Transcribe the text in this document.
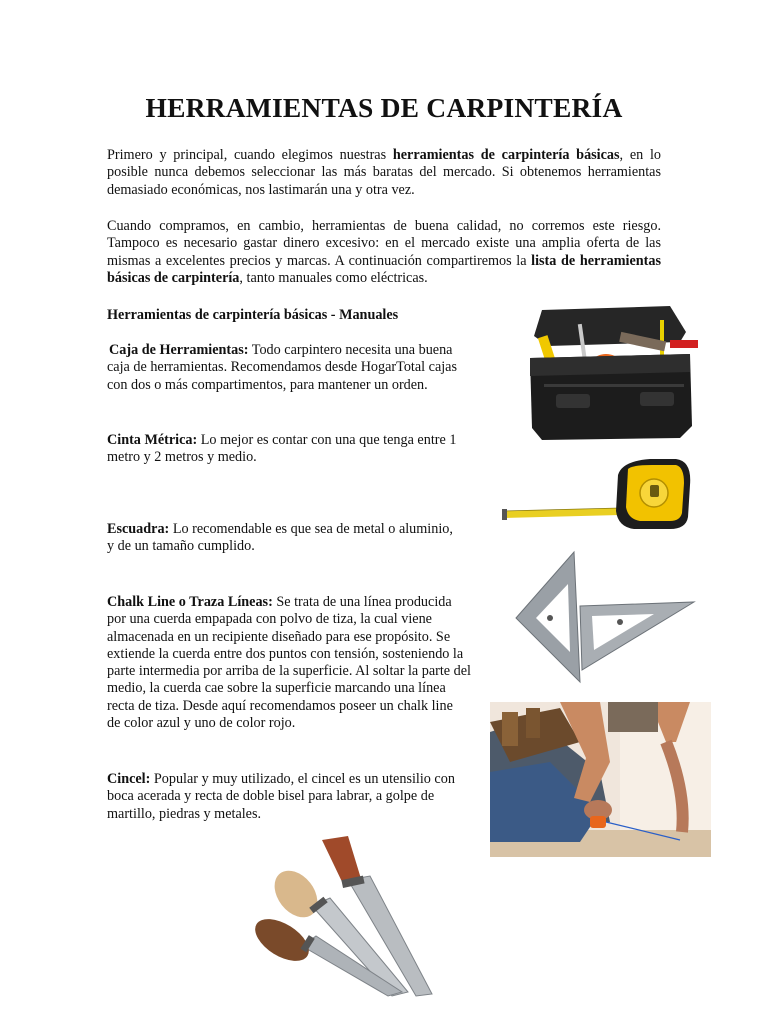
HERRAMIENTAS DE CARPINTERÍA

Primero y principal, cuando elegimos nuestras herramientas de carpintería básicas, en lo posible nunca debemos seleccionar las más baratas del mercado. Si obtenemos herramientas demasiado económicas, nos lastimarán una y otra vez.

Cuando compramos, en cambio, herramientas de buena calidad, no corremos este riesgo. Tampoco es necesario gastar dinero excesivo: en el mercado existe una amplia oferta de las mismas a excelentes precios y marcas. A continuación compartiremos la lista de herramientas básicas de carpintería, tanto manuales como eléctricas.

Herramientas de carpintería básicas - Manuales

Caja de Herramientas: Todo carpintero necesita una buena
caja de herramientas. Recomendamos desde HogarTotal cajas
con dos o más compartimentos, para mantener un orden.
Cinta Métrica: Lo mejor es contar con una que tenga entre 1
metro y 2 metros y medio.
Escuadra: Lo recomendable es que sea de metal o aluminio,
y de un tamaño cumplido.
Chalk Line o Traza Líneas: Se trata de una línea producida
por una cuerda empapada con polvo de tiza, la cual viene
almacenada en un recipiente diseñado para ese propósito. Se
extiende la cuerda entre dos puntos con tensión, sosteniendo la
parte intermedia por arriba de la superficie. Al soltar la parte del
medio, la cuerda cae sobre la superficie marcando una línea
recta de tiza. Desde aquí recomendamos poseer un chalk line
de color azul y uno de color rojo.
Cincel: Popular y muy utilizado, el cincel es un utensilio con
boca acerada y recta de doble bisel para labrar, a golpe de
martillo, piedras y metales.
